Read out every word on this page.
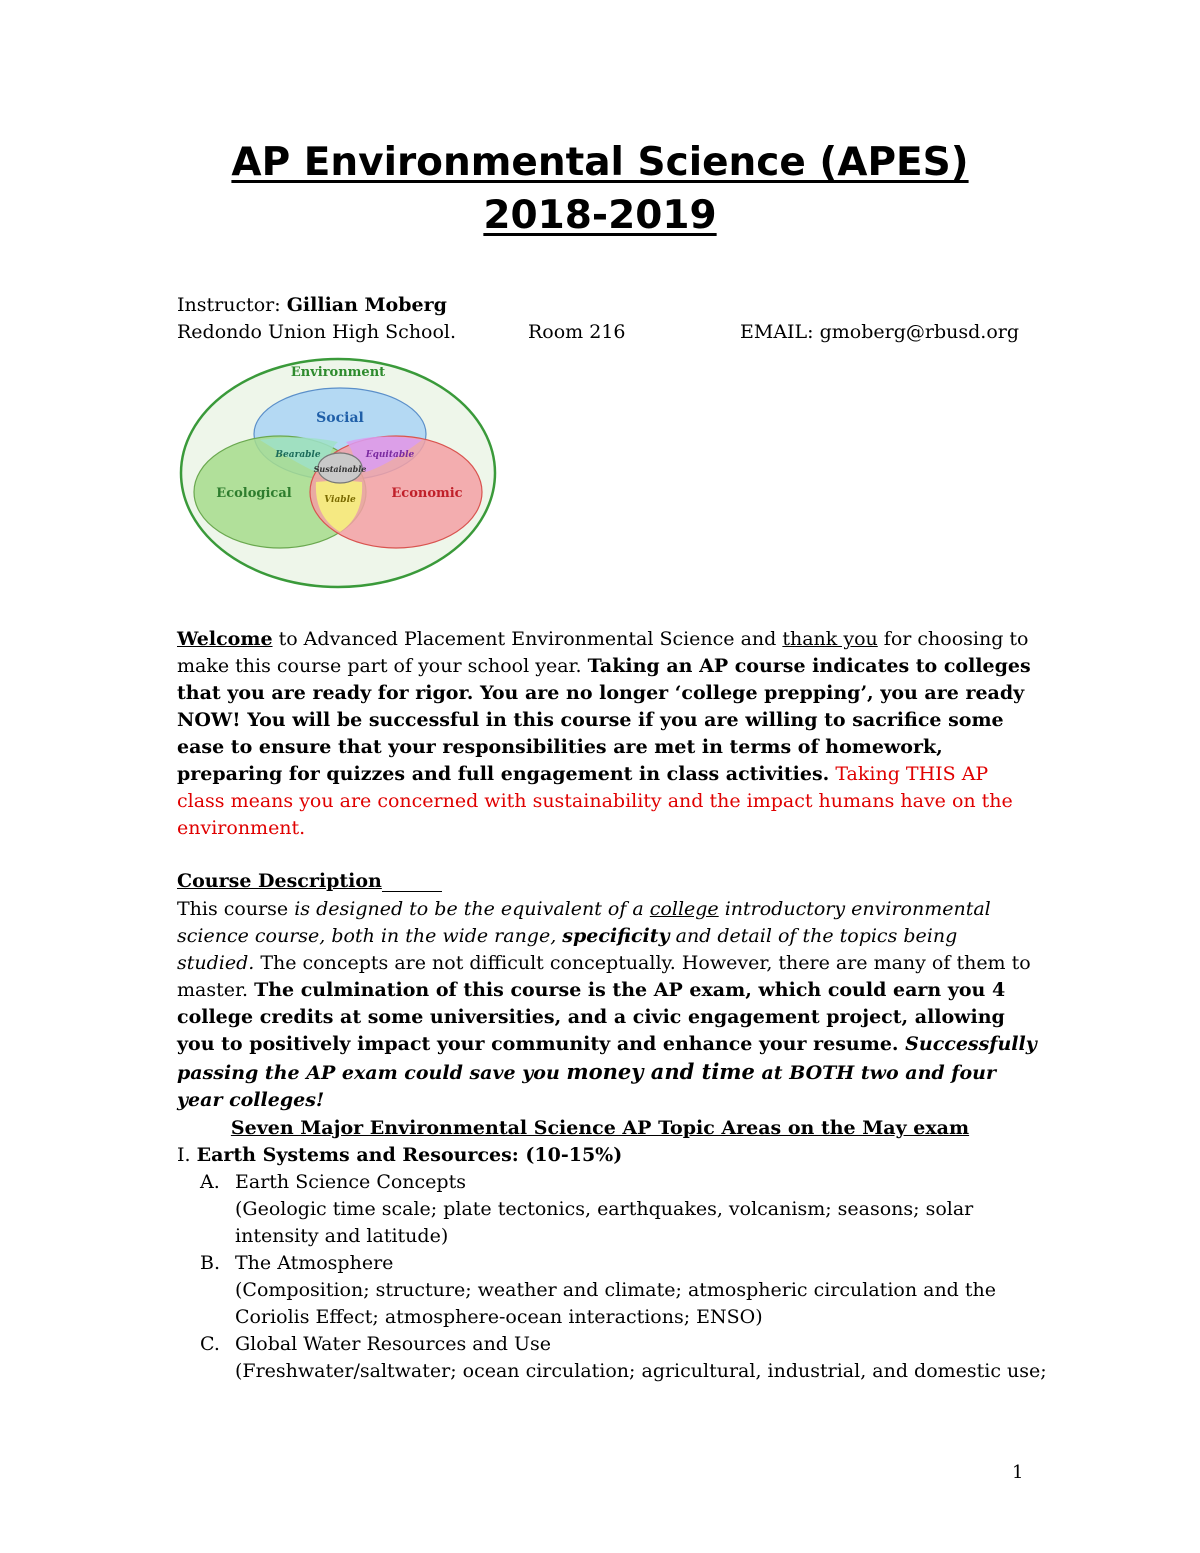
AP Environmental Science (APES)
2018-2019
Instructor: Gillian Moberg
Redondo Union High School.	Room 216	EMAIL: gmoberg@rbusd.org
Environment
Social
Ecological	Economic
Bearable	Equitable
Viable
Sustainable

Welcome to Advanced Placement Environmental Science and thank you for choosing to make this course part of your school year. Taking an AP course indicates to colleges that you are ready for rigor. You are no longer ‘college prepping’, you are ready NOW! You will be successful in this course if you are willing to sacrifice some ease to ensure that your responsibilities are met in terms of homework, preparing for quizzes and full engagement in class activities. Taking THIS AP class means you are concerned with sustainability and the impact humans have on the environment.

Course Description

This course is designed to be the equivalent of a college introductory environmental science course, both in the wide range, specificity and detail of the topics being studied. The concepts are not difficult conceptually. However, there are many of them to master. The culmination of this course is the AP exam, which could earn you 4 college credits at some universities, and a civic engagement project, allowing you to positively impact your community and enhance your resume. Successfully passing the AP exam could save you money and time at BOTH two and four year colleges!

Seven Major Environmental Science AP Topic Areas on the May exam
I. Earth Systems and Resources: (10-15%)
A. Earth Science Concepts
(Geologic time scale; plate tectonics, earthquakes, volcanism; seasons; solar
intensity and latitude)
B. The Atmosphere
(Composition; structure; weather and climate; atmospheric circulation and the
Coriolis Effect; atmosphere-ocean interactions; ENSO)
C. Global Water Resources and Use
(Freshwater/saltwater; ocean circulation; agricultural, industrial, and domestic use;
1
